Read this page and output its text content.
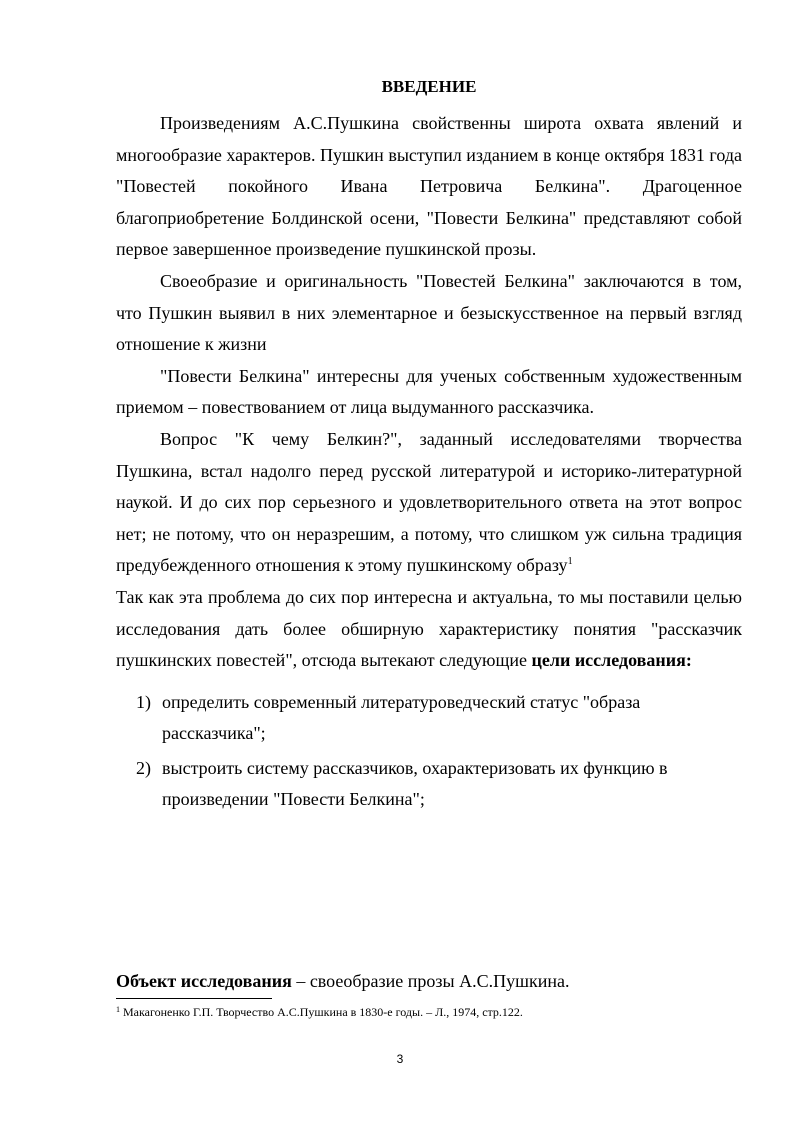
ВВЕДЕНИЕ

Произведениям А.С.Пушкина свойственны широта охвата явлений и многообразие характеров. Пушкин выступил изданием в конце октября 1831 года "Повестей покойного Ивана Петровича Белкина". Драгоценное благоприобретение Болдинской осени, "Повести Белкина" представляют собой первое завершенное произведение пушкинской прозы.

Своеобразие и оригинальность "Повестей Белкина" заключаются в том, что Пушкин выявил в них элементарное и безыскусственное на первый взгляд отношение к жизни

"Повести Белкина" интересны для ученых собственным художественным приемом – повествованием от лица выдуманного рассказчика.

Вопрос "К чему Белкин?", заданный исследователями творчества Пушкина, встал надолго перед русской литературой и историко-литературной наукой. И до сих пор серьезного и удовлетворительного ответа на этот вопрос нет; не потому, что он неразрешим, а потому, что слишком уж сильна традиция предубежденного отношения к этому пушкинскому образу$^1$

Так как эта проблема до сих пор интересна и актуальна, то мы поставили целью исследования дать более обширную характеристику понятия "рассказчик пушкинских повестей", отсюда вытекают следующие цели исследования:

1) определить современный литературоведческий статус "образа рассказчика";
2) выстроить систему рассказчиков, охарактеризовать их функцию в произведении "Повести Белкина";
Объект исследования – своеобразие прозы А.С.Пушкина.
$^1$ Макагоненко Г.П. Творчество А.С.Пушкина в 1830-е годы. – Л., 1974, стр.122.
3
